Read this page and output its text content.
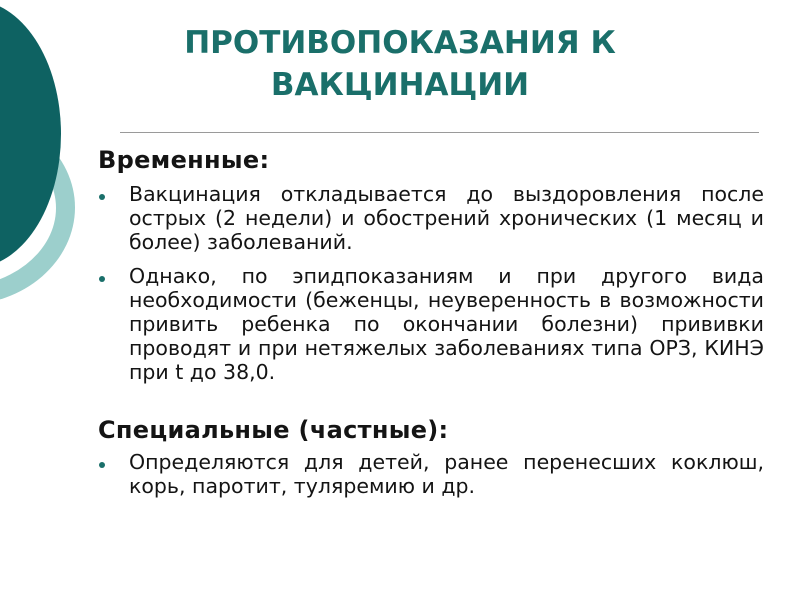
ПРОТИВОПОКАЗАНИЯ К
ВАКЦИНАЦИИ
Временные:
Вакцинация откладывается до выздоровления после острых (2 недели) и обострений хронических (1 месяц и более) заболеваний.
Однако, по эпидпоказаниям и при другого вида необходимости (беженцы, неуверенность в возможности привить ребенка по окончании болезни) прививки проводят и при нетяжелых заболеваниях типа ОРЗ, КИНЭ при t до 38,0.
Специальные (частные):
Определяются для детей, ранее перенесших коклюш, корь, паротит, туляремию и др.
